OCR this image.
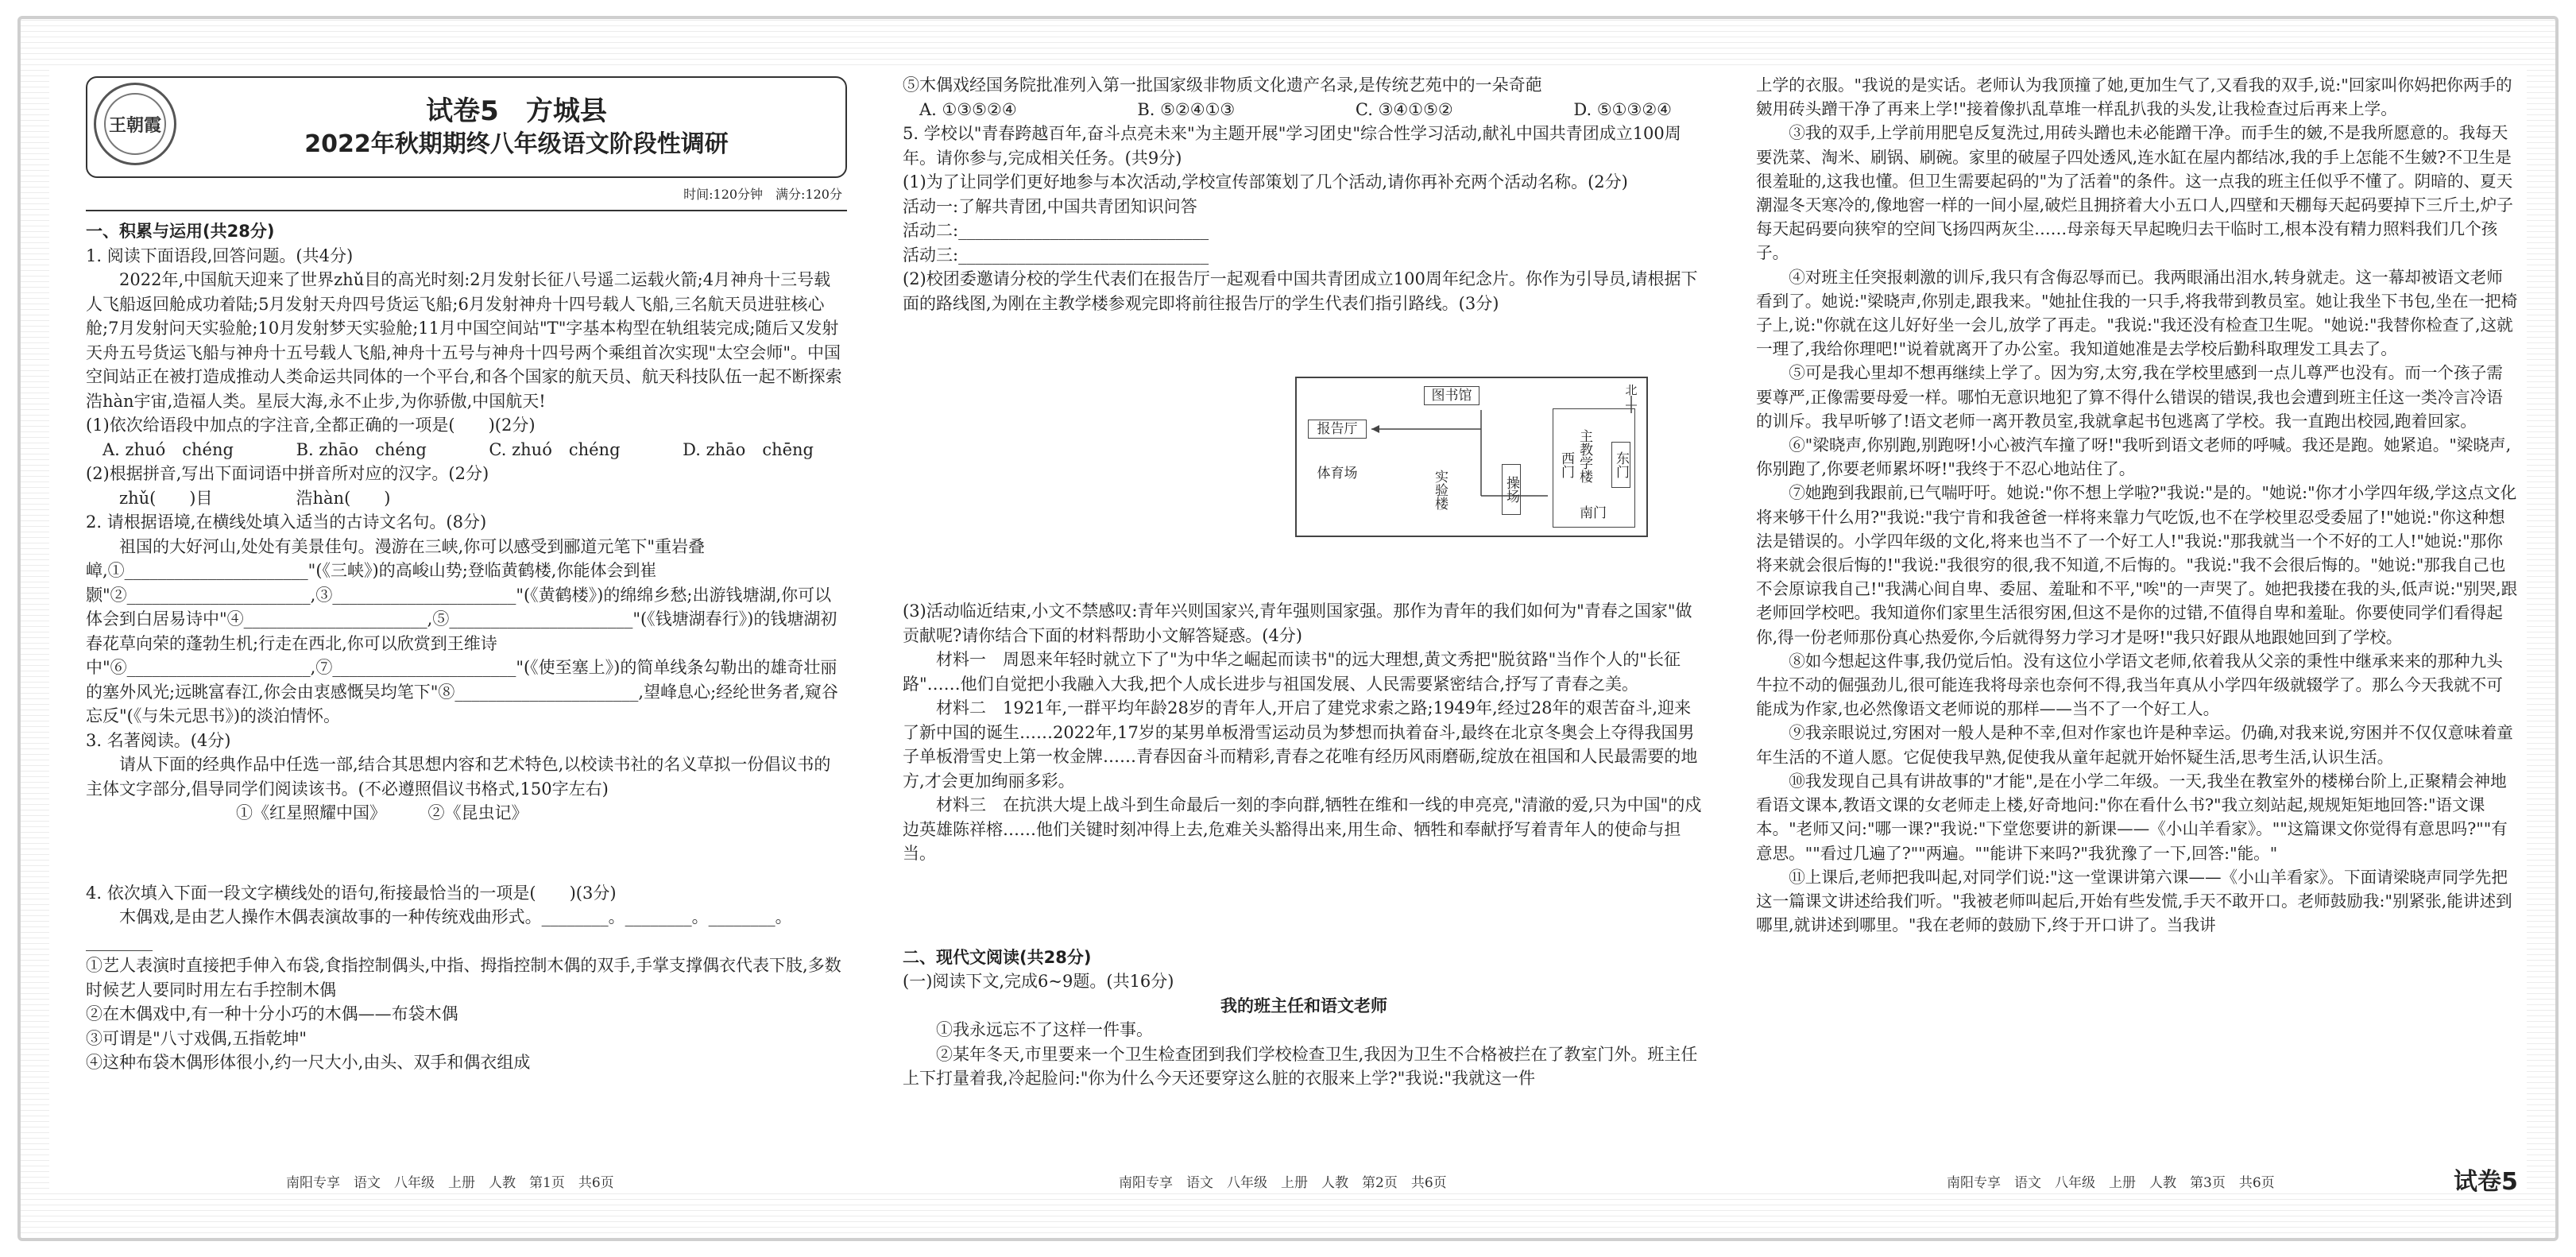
王朝霞	试卷5　方城县
2022年秋期期终八年级语文阶段性调研
时间:120分钟　满分:120分

一、积累与运用(共28分)

1. 阅读下面语段,回答问题。(共4分)

2022年,中国航天迎来了世界zhǔ目的高光时刻:2月发射长征八号遥二运载火箭;4月神舟十三号载人飞船返回舱成功着陆;5月发射天舟四号货运飞船;6月发射神舟十四号载人飞船,三名航天员进驻核心舱;7月发射问天实验舱;10月发射梦天实验舱;11月中国空间站"T"字基本构型在轨组装完成;随后又发射天舟五号货运飞船与神舟十五号载人飞船,神舟十五号与神舟十四号两个乘组首次实现"太空会师"。中国空间站正在被打造成推动人类命运共同体的一个平台,和各个国家的航天员、航天科技队伍一起不断探索浩hàn宇宙,造福人类。星辰大海,永不止步,为你骄傲,中国航天!

(1)依次给语段中加点的字注音,全都正确的一项是(　　)(2分)

A. zhuó　chéng	B. zhāo　chéng	C. zhuó　chéng	D. zhāo　chēng

(2)根据拼音,写出下面词语中拼音所对应的汉字。(2分)

　　zhǔ(　　)目　　　　　浩hàn(　　)

2. 请根据语境,在横线处填入适当的古诗文名句。(8分)

祖国的大好河山,处处有美景佳句。漫游在三峡,你可以感受到郦道元笔下"重岩叠嶂,①______________________"(《三峡》)的高峻山势;登临黄鹤楼,你能体会到崔颢"②______________________,③______________________"(《黄鹤楼》)的绵绵乡愁;出游钱塘湖,你可以体会到白居易诗中"④______________________,⑤______________________"(《钱塘湖春行》)的钱塘湖初春花草向荣的蓬勃生机;行走在西北,你可以欣赏到王维诗中"⑥______________________,⑦______________________"(《使至塞上》)的简单线条勾勒出的雄奇壮丽的塞外风光;远眺富春江,你会由衷感慨吴均笔下"⑧______________________,望峰息心;经纶世务者,窥谷忘反"(《与朱元思书》)的淡泊情怀。

3. 名著阅读。(4分)

请从下面的经典作品中任选一部,结合其思想内容和艺术特色,以校读书社的名义草拟一份倡议书的主体文字部分,倡导同学们阅读该书。(不必遵照倡议书格式,150字左右)

　　　　　　　　　①《红星照耀中国》　　　②《昆虫记》

4. 依次填入下面一段文字横线处的语句,衔接最恰当的一项是(　　)(3分)

木偶戏,是由艺人操作木偶表演故事的一种传统戏曲形式。________。________。________。________

①艺人表演时直接把手伸入布袋,食指控制偶头,中指、拇指控制木偶的双手,手掌支撑偶衣代表下肢,多数时候艺人要同时用左右手控制木偶

②在木偶戏中,有一种十分小巧的木偶——布袋木偶

③可谓是"八寸戏偶,五指乾坤"

④这种布袋木偶形体很小,约一尺大小,由头、双手和偶衣组成

⑤木偶戏经国务院批准列入第一批国家级非物质文化遗产名录,是传统艺苑中的一朵奇葩

A. ①③⑤②④	B. ⑤②④①③	C. ③④①⑤②	D. ⑤①③②④

5. 学校以"青春跨越百年,奋斗点亮未来"为主题开展"学习团史"综合性学习活动,献礼中国共青团成立100周年。请你参与,完成相关任务。(共9分)

(1)为了让同学们更好地参与本次活动,学校宣传部策划了几个活动,请你再补充两个活动名称。(2分)

活动一:了解共青团,中国共青团知识问答

活动二:______________________________

活动三:______________________________

(2)校团委邀请分校的学生代表们在报告厅一起观看中国共青团成立100周年纪念片。你作为引导员,请根据下面的路线图,为刚在主教学楼参观完即将前往报告厅的学生代表们指引路线。(3分)

图书馆
报告厅
体育场	实验楼	操场
主教学楼
西门	东门
南门
北

(3)活动临近结束,小文不禁感叹:青年兴则国家兴,青年强则国家强。那作为青年的我们如何为"青春之国家"做贡献呢?请你结合下面的材料帮助小文解答疑惑。(4分)

材料一　周恩来年轻时就立下了"为中华之崛起而读书"的远大理想,黄文秀把"脱贫路"当作个人的"长征路"……他们自觉把小我融入大我,把个人成长进步与祖国发展、人民需要紧密结合,抒写了青春之美。

材料二　1921年,一群平均年龄28岁的青年人,开启了建党求索之路;1949年,经过28年的艰苦奋斗,迎来了新中国的诞生……2022年,17岁的某男单板滑雪运动员为梦想而执着奋斗,最终在北京冬奥会上夺得我国男子单板滑雪史上第一枚金牌……青春因奋斗而精彩,青春之花唯有经历风雨磨砺,绽放在祖国和人民最需要的地方,才会更加绚丽多彩。

材料三　在抗洪大堤上战斗到生命最后一刻的李向群,牺牲在维和一线的申亮亮,"清澈的爱,只为中国"的戍边英雄陈祥榕……他们关键时刻冲得上去,危难关头豁得出来,用生命、牺牲和奉献抒写着青年人的使命与担当。

二、现代文阅读(共28分)

(一)阅读下文,完成6~9题。(共16分)

我的班主任和语文老师

①我永远忘不了这样一件事。

②某年冬天,市里要来一个卫生检查团到我们学校检查卫生,我因为卫生不合格被拦在了教室门外。班主任上下打量着我,冷起脸问:"你为什么今天还要穿这么脏的衣服来上学?"我说:"我就这一件

上学的衣服。"我说的是实话。老师认为我顶撞了她,更加生气了,又看我的双手,说:"回家叫你妈把你两手的皴用砖头蹭干净了再来上学!"接着像扒乱草堆一样乱扒我的头发,让我检查过后再来上学。

③我的双手,上学前用肥皂反复洗过,用砖头蹭也未必能蹭干净。而手生的皴,不是我所愿意的。我每天要洗菜、淘米、刷锅、刷碗。家里的破屋子四处透风,连水缸在屋内都结冰,我的手上怎能不生皴?不卫生是很羞耻的,这我也懂。但卫生需要起码的"为了活着"的条件。这一点我的班主任似乎不懂了。阴暗的、夏天潮湿冬天寒冷的,像地窖一样的一间小屋,破烂且拥挤着大小五口人,四壁和天棚每天起码要掉下三斤土,炉子每天起码要向狭窄的空间飞扬四两灰尘……母亲每天早起晚归去干临时工,根本没有精力照料我们几个孩子。

④对班主任突报刺激的训斥,我只有含侮忍辱而已。我两眼涌出泪水,转身就走。这一幕却被语文老师看到了。她说:"梁晓声,你别走,跟我来。"她扯住我的一只手,将我带到教员室。她让我坐下书包,坐在一把椅子上,说:"你就在这儿好好坐一会儿,放学了再走。"我说:"我还没有检查卫生呢。"她说:"我替你检查了,这就一理了,我给你理吧!"说着就离开了办公室。我知道她准是去学校后勤科取理发工具去了。

⑤可是我心里却不想再继续上学了。因为穷,太穷,我在学校里感到一点儿尊严也没有。而一个孩子需要尊严,正像需要母爱一样。哪怕无意识地犯了算不得什么错误的错误,我也会遭到班主任这一类冷言冷语的训斥。我早听够了!语文老师一离开教员室,我就拿起书包逃离了学校。我一直跑出校园,跑着回家。

⑥"梁晓声,你别跑,别跑呀!小心被汽车撞了呀!"我听到语文老师的呼喊。我还是跑。她紧追。"梁晓声,你别跑了,你要老师累坏呀!"我终于不忍心地站住了。

⑦她跑到我跟前,已气喘吁吁。她说:"你不想上学啦?"我说:"是的。"她说:"你才小学四年级,学这点文化将来够干什么用?"我说:"我宁肯和我爸爸一样将来靠力气吃饭,也不在学校里忍受委屈了!"她说:"你这种想法是错误的。小学四年级的文化,将来也当不了一个好工人!"我说:"那我就当一个不好的工人!"她说:"那你将来就会很后悔的!"我说:"我很穷的很,我不知道,不后悔的。"我说:"我不会很后悔的。"她说:"那我自己也不会原谅我自己!"我满心间自卑、委屈、羞耻和不平,"唉"的一声哭了。她把我搂在我的头,低声说:"别哭,跟老师回学校吧。我知道你们家里生活很穷困,但这不是你的过错,不值得自卑和羞耻。你要使同学们看得起你,得一份老师那份真心热爱你,今后就得努力学习才是呀!"我只好跟从地跟她回到了学校。

⑧如今想起这件事,我仍觉后怕。没有这位小学语文老师,依着我从父亲的秉性中继承来来的那种九头牛拉不动的倔强劲儿,很可能连我将母亲也奈何不得,我当年真从小学四年级就辍学了。那么今天我就不可能成为作家,也必然像语文老师说的那样——当不了一个好工人。

⑨我亲眼说过,穷困对一般人是种不幸,但对作家也许是种幸运。仍确,对我来说,穷困并不仅仅意味着童年生活的不道人愿。它促使我早熟,促使我从童年起就开始怀疑生活,思考生活,认识生活。

⑩我发现自己具有讲故事的"才能",是在小学二年级。一天,我坐在教室外的楼梯台阶上,正聚精会神地看语文课本,教语文课的女老师走上楼,好奇地问:"你在看什么书?"我立刻站起,规规矩矩地回答:"语文课本。"老师又问:"哪一课?"我说:"下堂您要讲的新课——《小山羊看家》。""这篇课文你觉得有意思吗?""有意思。""看过几遍了?""两遍。""能讲下来吗?"我犹豫了一下,回答:"能。"

⑪上课后,老师把我叫起,对同学们说:"这一堂课讲第六课——《小山羊看家》。下面请梁晓声同学先把这一篇课文讲述给我们听。"我被老师叫起后,开始有些发慌,手天不敢开口。老师鼓励我:"别紧张,能讲述到哪里,就讲述到哪里。"我在老师的鼓励下,终于开口讲了。当我讲

南阳专享　语文　八年级　上册　人教　第1页　共6页	南阳专享　语文　八年级　上册　人教　第2页　共6页	南阳专享　语文　八年级　上册　人教　第3页　共6页	试卷5
